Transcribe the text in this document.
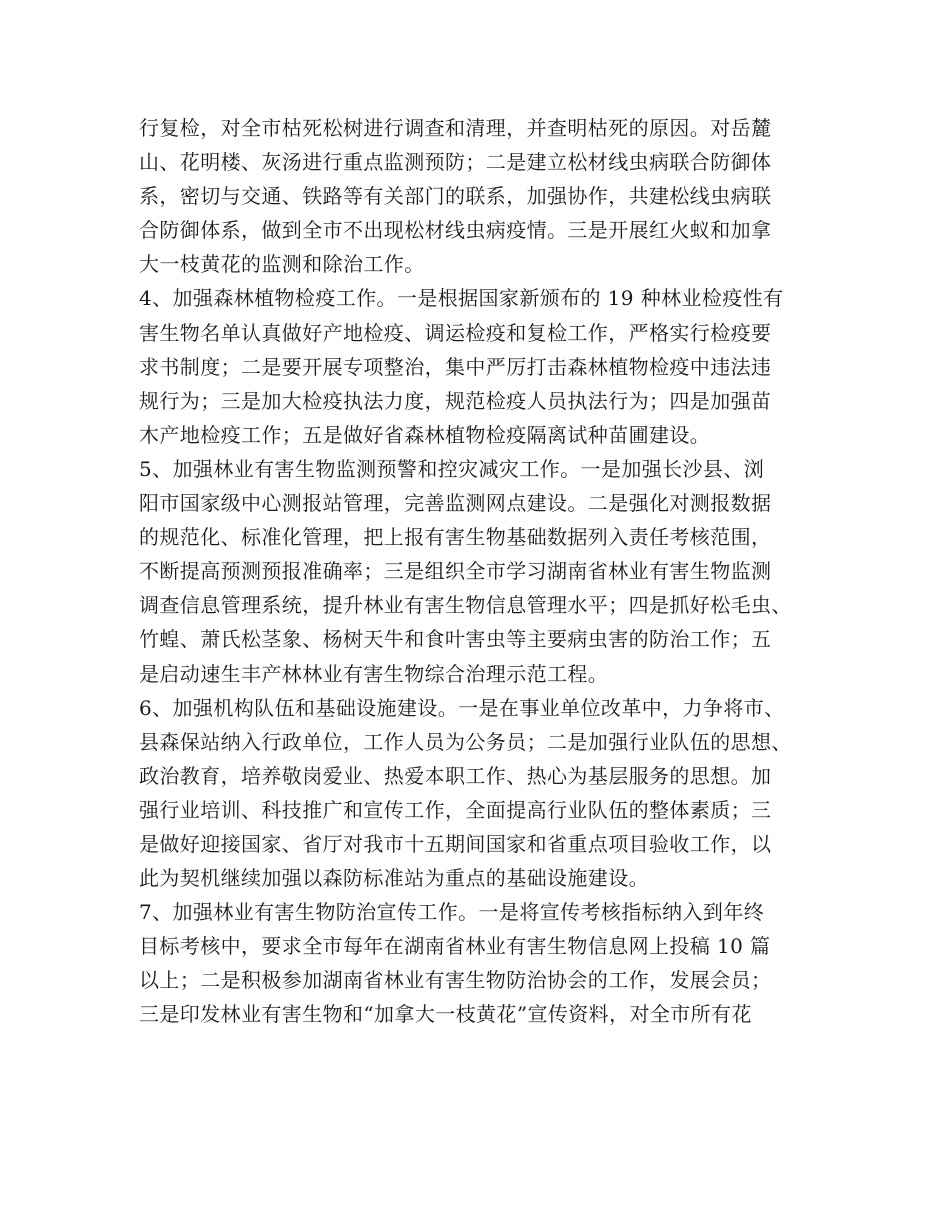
行复检，对全市枯死松树进行调查和清理，并查明枯死的原因。对岳麓
山、花明楼、灰汤进行重点监测预防；二是建立松材线虫病联合防御体
系，密切与交通、铁路等有关部门的联系，加强协作，共建松线虫病联
合防御体系，做到全市不出现松材线虫病疫情。三是开展红火蚁和加拿
大一枝黄花的监测和除治工作。
4、加强森林植物检疫工作。一是根据国家新颁布的 19 种林业检疫性有
害生物名单认真做好产地检疫、调运检疫和复检工作，严格实行检疫要
求书制度；二是要开展专项整治，集中严厉打击森林植物检疫中违法违
规行为；三是加大检疫执法力度，规范检疫人员执法行为；四是加强苗
木产地检疫工作；五是做好省森林植物检疫隔离试种苗圃建设。
5、加强林业有害生物监测预警和控灾减灾工作。一是加强长沙县、浏
阳市国家级中心测报站管理，完善监测网点建设。二是强化对测报数据
的规范化、标准化管理，把上报有害生物基础数据列入责任考核范围，
不断提高预测预报准确率；三是组织全市学习湖南省林业有害生物监测
调查信息管理系统，提升林业有害生物信息管理水平；四是抓好松毛虫、
竹蝗、萧氏松茎象、杨树天牛和食叶害虫等主要病虫害的防治工作；五
是启动速生丰产林林业有害生物综合治理示范工程。
6、加强机构队伍和基础设施建设。一是在事业单位改革中，力争将市、
县森保站纳入行政单位，工作人员为公务员；二是加强行业队伍的思想、
政治教育，培养敬岗爱业、热爱本职工作、热心为基层服务的思想。加
强行业培训、科技推广和宣传工作，全面提高行业队伍的整体素质；三
是做好迎接国家、省厅对我市十五期间国家和省重点项目验收工作，以
此为契机继续加强以森防标准站为重点的基础设施建设。
7、加强林业有害生物防治宣传工作。一是将宣传考核指标纳入到年终
目标考核中，要求全市每年在湖南省林业有害生物信息网上投稿 10 篇
以上；二是积极参加湖南省林业有害生物防治协会的工作，发展会员；
三是印发林业有害生物和“加拿大一枝黄花”宣传资料，对全市所有花
